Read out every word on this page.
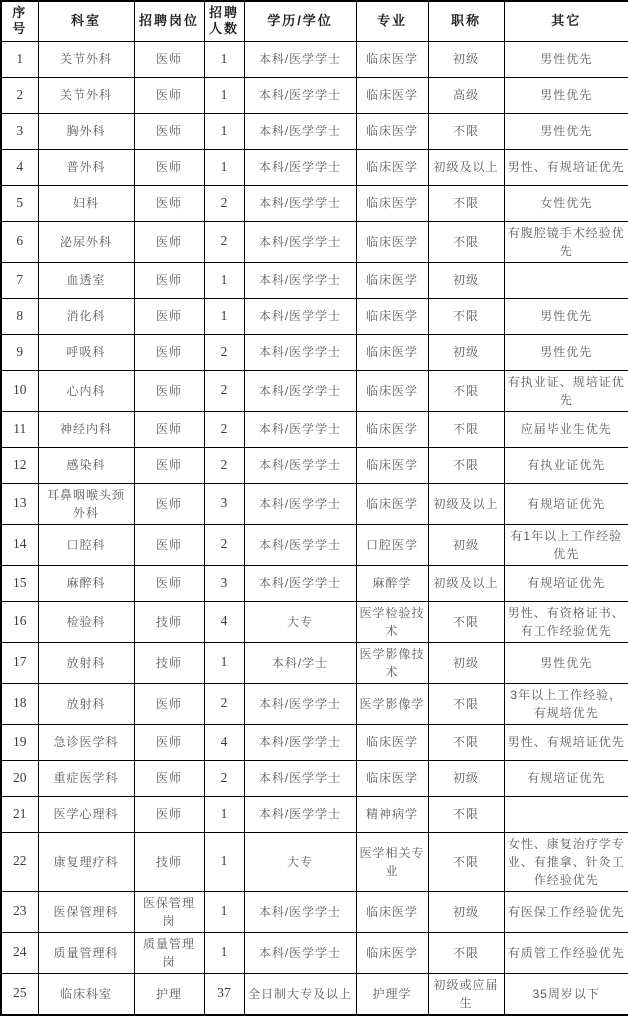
序号	科室	招聘岗位	招聘人数	学历/学位	专业	职称	其它
1	关节外科	医师	1	本科/医学学士	临床医学	初级	男性优先
2	关节外科	医师	1	本科/医学学士	临床医学	高级	男性优先
3	胸外科	医师	1	本科/医学学士	临床医学	不限	男性优先
4	普外科	医师	1	本科/医学学士	临床医学	初级及以上	男性、有规培证优先
5	妇科	医师	2	本科/医学学士	临床医学	不限	女性优先
6	泌尿外科	医师	2	本科/医学学士	临床医学	不限	有腹腔镜手术经验优先
7	血透室	医师	1	本科/医学学士	临床医学	初级	
8	消化科	医师	1	本科/医学学士	临床医学	不限	男性优先
9	呼吸科	医师	2	本科/医学学士	临床医学	初级	男性优先
10	心内科	医师	2	本科/医学学士	临床医学	不限	有执业证、规培证优先
11	神经内科	医师	2	本科/医学学士	临床医学	不限	应届毕业生优先
12	感染科	医师	2	本科/医学学士	临床医学	不限	有执业证优先
13	耳鼻咽喉头颈外科	医师	3	本科/医学学士	临床医学	初级及以上	有规培证优先
14	口腔科	医师	2	本科/医学学士	口腔医学	初级	有1年以上工作经验优先
15	麻醉科	医师	3	本科/医学学士	麻醉学	初级及以上	有规培证优先
16	检验科	技师	4	大专	医学检验技术	不限	男性、有资格证书、有工作经验优先
17	放射科	技师	1	本科/学士	医学影像技术	初级	男性优先
18	放射科	医师	2	本科/医学学士	医学影像学	不限	3年以上工作经验，有规培优先
19	急诊医学科	医师	4	本科/医学学士	临床医学	不限	男性、有规培证优先
20	重症医学科	医师	2	本科/医学学士	临床医学	初级	有规培证优先
21	医学心理科	医师	1	本科/医学学士	精神病学	不限	
22	康复理疗科	技师	1	大专	医学相关专业	不限	女性、康复治疗学专业、有推拿、针灸工作经验优先
23	医保管理科	医保管理岗	1	本科/医学学士	临床医学	初级	有医保工作经验优先
24	质量管理科	质量管理岗	1	本科/医学学士	临床医学	不限	有质管工作经验优先
25	临床科室	护理	37	全日制大专及以上	护理学	初级或应届生	35周岁以下
